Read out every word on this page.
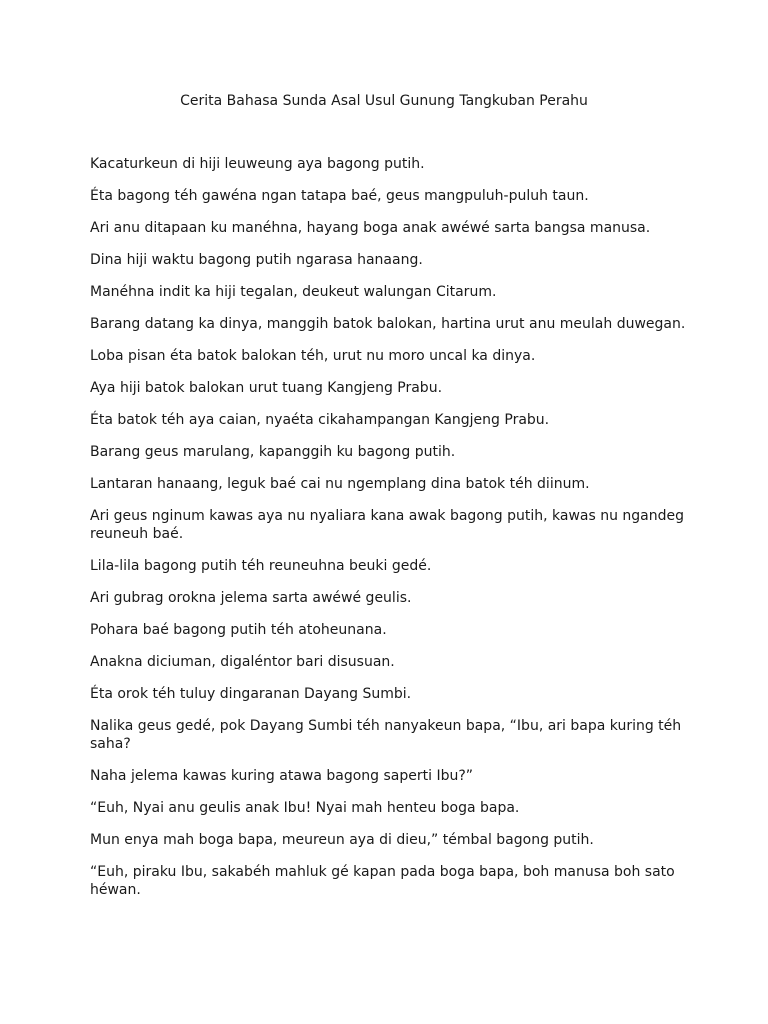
Cerita Bahasa Sunda Asal Usul Gunung Tangkuban Perahu

Kacaturkeun di hiji leuweung aya bagong putih.

Éta bagong téh gawéna ngan tatapa baé, geus mangpuluh-puluh taun.

Ari anu ditapaan ku manéhna, hayang boga anak awéwé sarta bangsa manusa.

Dina hiji waktu bagong putih ngarasa hanaang.

Manéhna indit ka hiji tegalan, deukeut walungan Citarum.

Barang datang ka dinya, manggih batok balokan, hartina urut anu meulah duwegan.

Loba pisan éta batok balokan téh, urut nu moro uncal ka dinya.

Aya hiji batok balokan urut tuang Kangjeng Prabu.

Éta batok téh aya caian, nyaéta cikahampangan Kangjeng Prabu.

Barang geus marulang, kapanggih ku bagong putih.

Lantaran hanaang, leguk baé cai nu ngemplang dina batok téh diinum.

Ari geus nginum kawas aya nu nyaliara kana awak bagong putih, kawas nu ngandeg reuneuh baé.

Lila-lila bagong putih téh reuneuhna beuki gedé.

Ari gubrag orokna jelema sarta awéwé geulis.

Pohara baé bagong putih téh atoheunana.

Anakna diciuman, digaléntor bari disusuan.

Éta orok téh tuluy dingaranan Dayang Sumbi.

Nalika geus gedé, pok Dayang Sumbi téh nanyakeun bapa, “Ibu, ari bapa kuring téh saha?

Naha jelema kawas kuring atawa bagong saperti Ibu?”

“Euh, Nyai anu geulis anak Ibu! Nyai mah henteu boga bapa.

Mun enya mah boga bapa, meureun aya di dieu,” témbal bagong putih.

“Euh, piraku Ibu, sakabéh mahluk gé kapan pada boga bapa, boh manusa boh sato héwan.
